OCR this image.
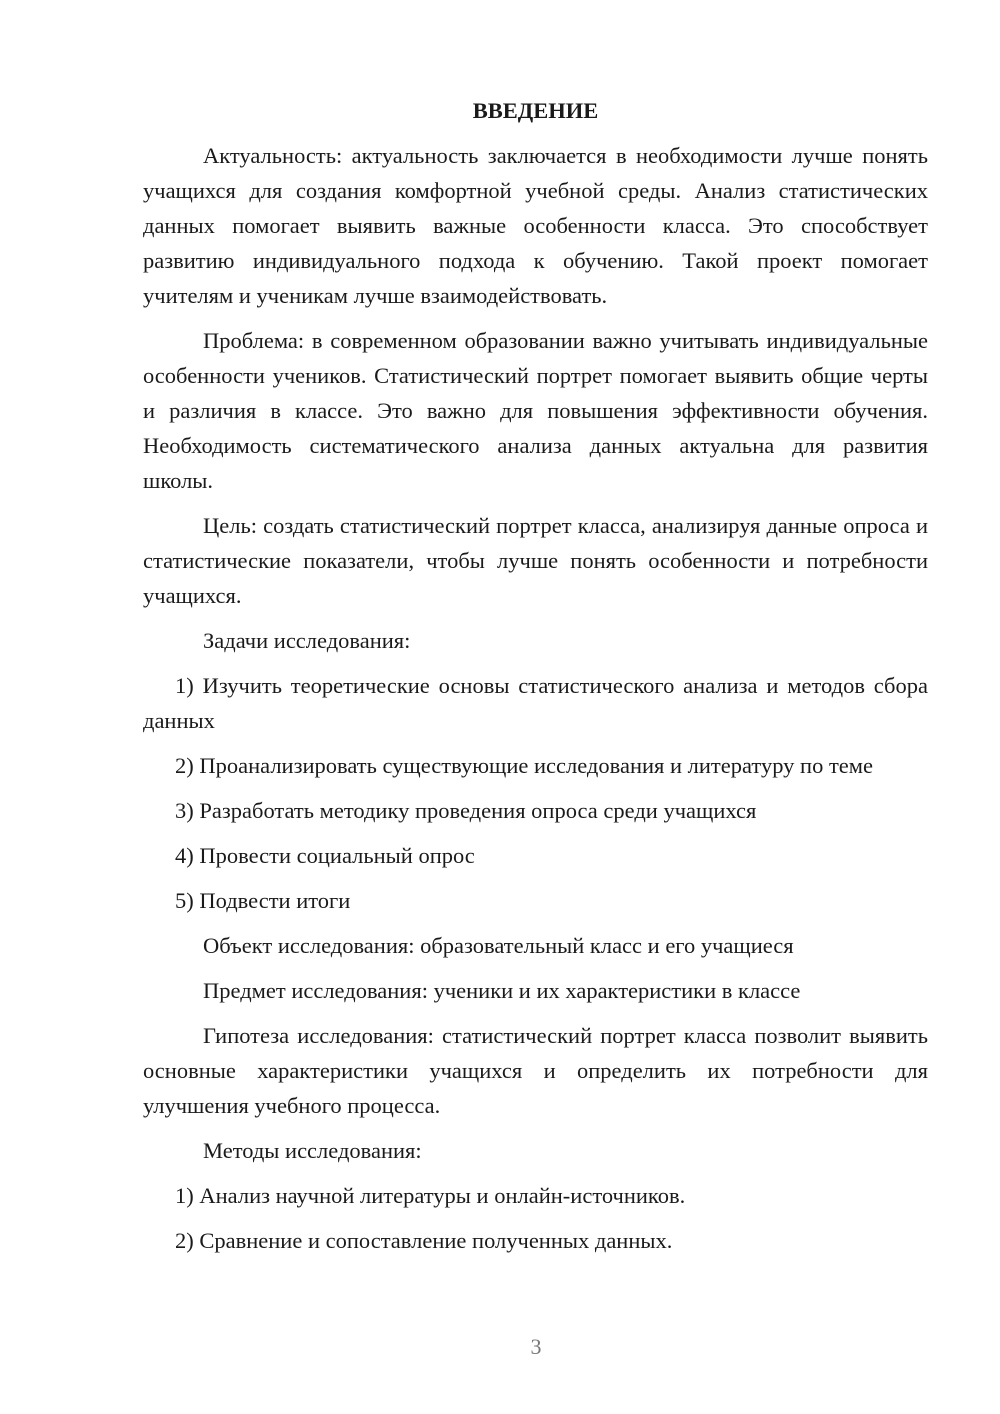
ВВЕДЕНИЕ

Актуальность: актуальность заключается в необходимости лучше понять учащихся для создания комфортной учебной среды. Анализ статистических данных помогает выявить важные особенности класса. Это способствует развитию индивидуального подхода к обучению. Такой проект помогает учителям и ученикам лучше взаимодействовать.

Проблема: в современном образовании важно учитывать индивидуальные особенности учеников. Статистический портрет помогает выявить общие черты и различия в классе. Это важно для повышения эффективности обучения. Необходимость систематического анализа данных актуальна для развития школы.

Цель: создать статистический портрет класса, анализируя данные опроса и статистические показатели, чтобы лучше понять особенности и потребности учащихся.

Задачи исследования:

1) Изучить теоретические основы статистического анализа и методов сбора данных

2) Проанализировать существующие исследования и литературу по теме

3) Разработать методику проведения опроса среди учащихся

4) Провести социальный опрос

5) Подвести итоги

Объект исследования: образовательный класс и его учащиеся

Предмет исследования: ученики и их характеристики в классе

Гипотеза исследования: статистический портрет класса позволит выявить основные характеристики учащихся и определить их потребности для улучшения учебного процесса.

Методы исследования:

1) Анализ научной литературы и онлайн-источников.

2) Сравнение и сопоставление полученных данных.

3
